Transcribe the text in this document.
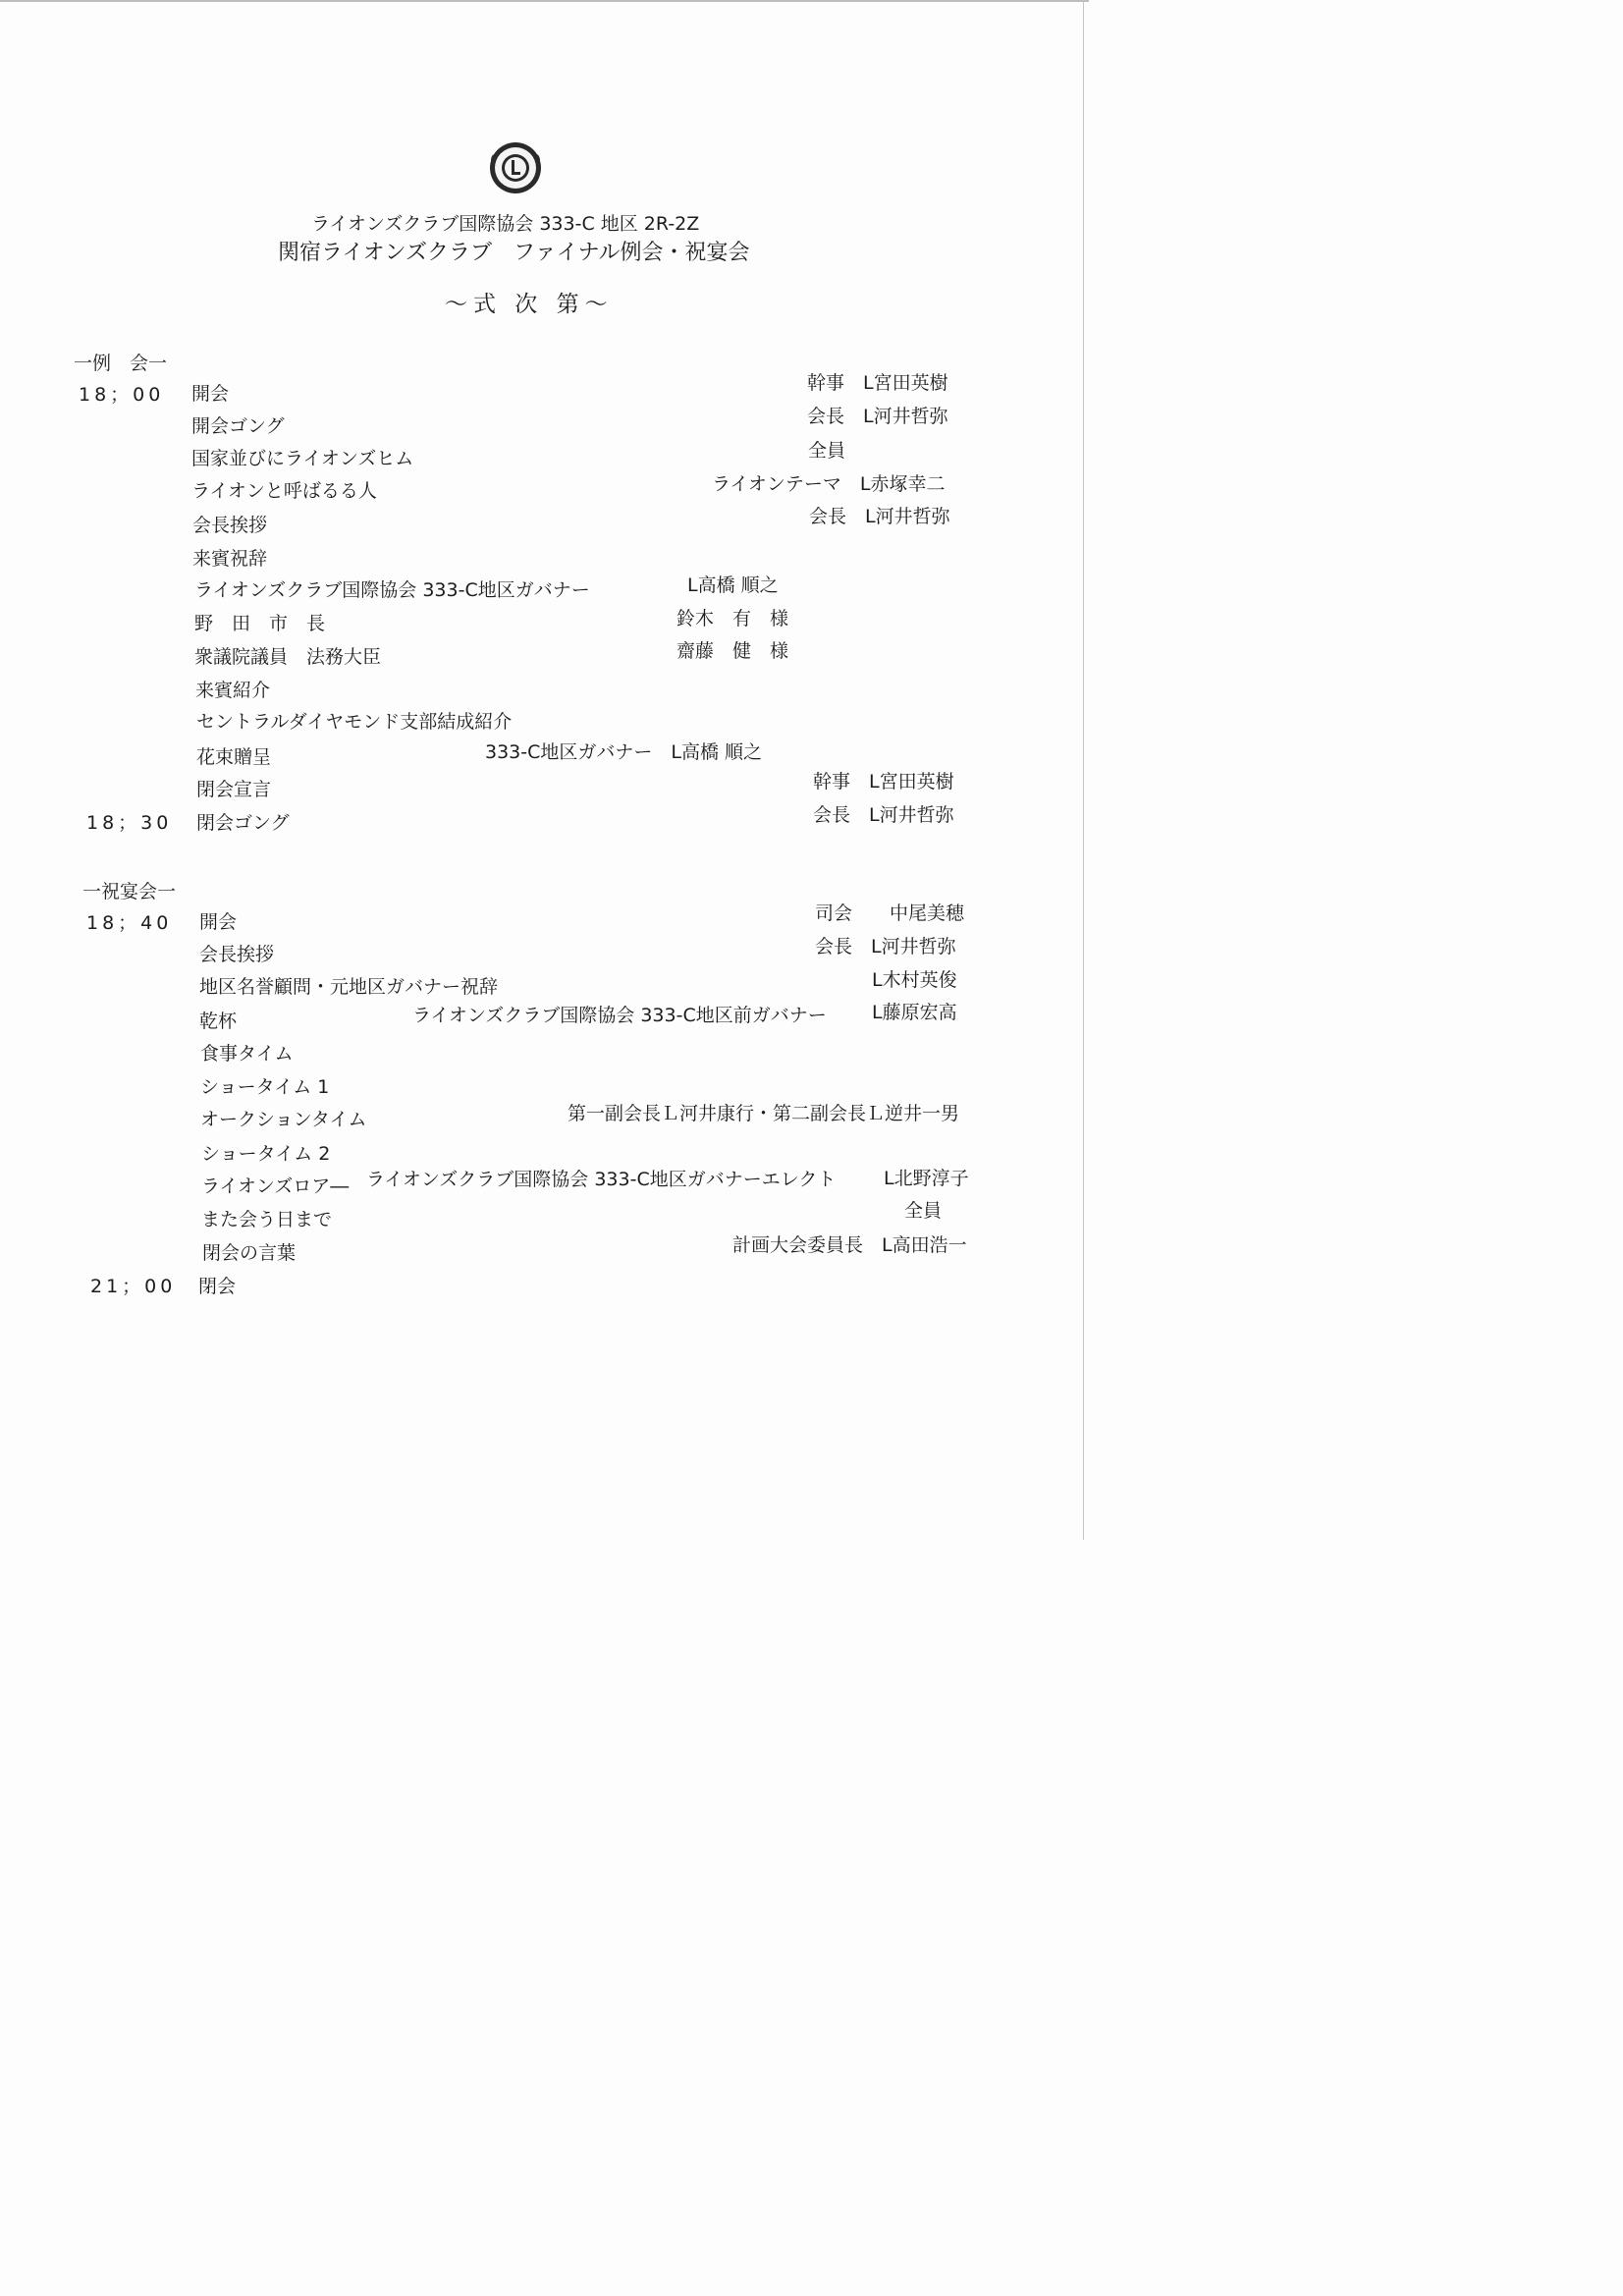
ライオンズクラブ国際協会 333-C 地区 2R-2Z
関宿ライオンズクラブ　ファイナル例会・祝宴会
～式 次 第～
一例　会一
18；00
18；30
開会
開会ゴング
国家並びにライオンズヒム
ライオンと呼ばるる人
会長挨拶
来賓祝辞
ライオンズクラブ国際協会 333-C地区ガバナー
野　田　市　長
衆議院議員　法務大臣
来賓紹介
セントラルダイヤモンド支部結成紹介
花束贈呈
閉会宣言
閉会ゴング
L高橋 順之
鈴木　有　様
齋藤　健　様
333-C地区ガバナー　L高橋 順之
幹事　L宮田英樹
会長　L河井哲弥
全員
ライオンテーマ　L赤塚幸二
会長　L河井哲弥
幹事　L宮田英樹
会長　L河井哲弥
一祝宴会一
18；40
21；00
開会
会長挨拶
地区名誉顧問・元地区ガバナー祝辞
乾杯
食事タイム
ショータイム 1
オークションタイム
ショータイム 2
ライオンズロア―
また会う日まで
閉会の言葉
閉会
ライオンズクラブ国際協会 333-C地区前ガバナー
第一副会長Ｌ河井康行・第二副会長Ｌ逆井一男
ライオンズクラブ国際協会 333-C地区ガバナーエレクト
司会　　中尾美穂
会長　L河井哲弥
L木村英俊
L藤原宏高
L北野淳子
全員
計画大会委員長　L高田浩一
